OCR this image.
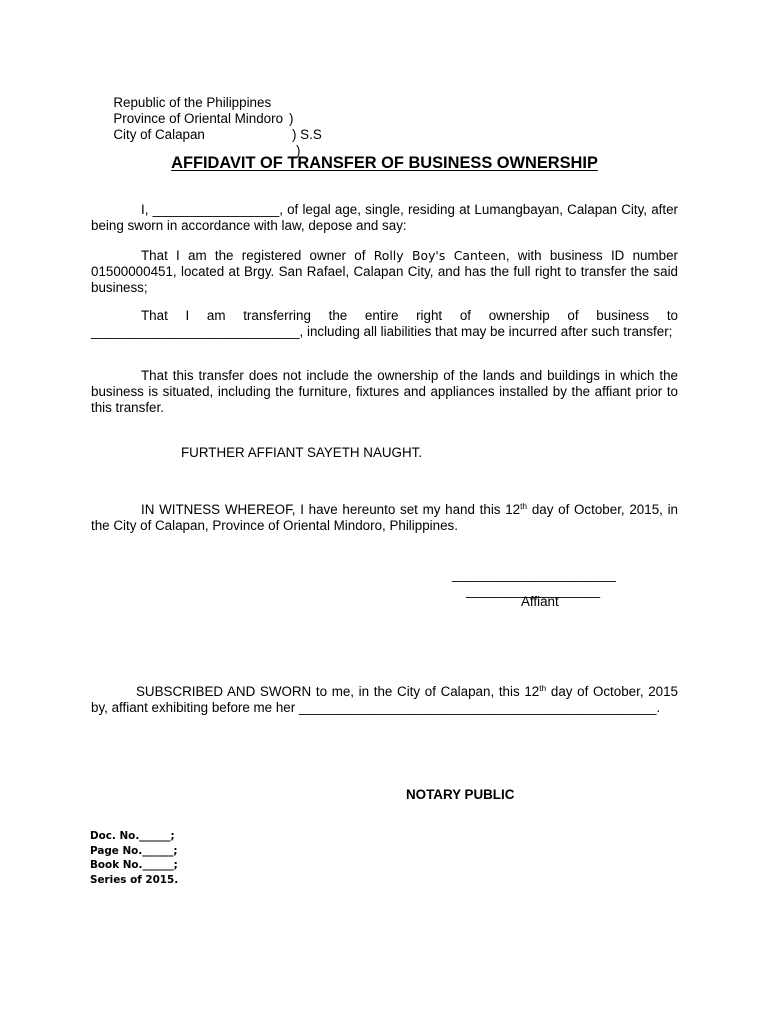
Republic of the Philippines

)

Province of Oriental Mindoro

) S.S

City of Calapan

)

AFFIDAVIT OF TRANSFER OF BUSINESS OWNERSHIP

I, _________________, of legal age, single, residing at Lumangbayan, Calapan City, after being sworn in accordance with law, depose and say:

That I am the registered owner of Rolly Boy's Canteen, with business ID number 01500000451, located at Brgy. San Rafael, Calapan City, and has the full right to transfer the said business;

That I am transferring the entire right of ownership of business to ____________________________, including all liabilities that may be incurred after such transfer;

That this transfer does not include the ownership of the lands and buildings in which the business is situated, including the furniture, fixtures and appliances installed by the affiant prior to this transfer.

FURTHER AFFIANT SAYETH NAUGHT.

IN WITNESS WHEREOF, I have hereunto set my hand this 12th day of October, 2015, in the City of Calapan, Province of Oriental Mindoro, Philippines.

______________________
__________________
Affiant

SUBSCRIBED AND SWORN to me, in the City of Calapan, this 12th day of October, 2015 by, affiant exhibiting before me her ________________________________________________.

NOTARY PUBLIC
Doc. No.______;
Page No.______;
Book No.______;
Series of 2015.
